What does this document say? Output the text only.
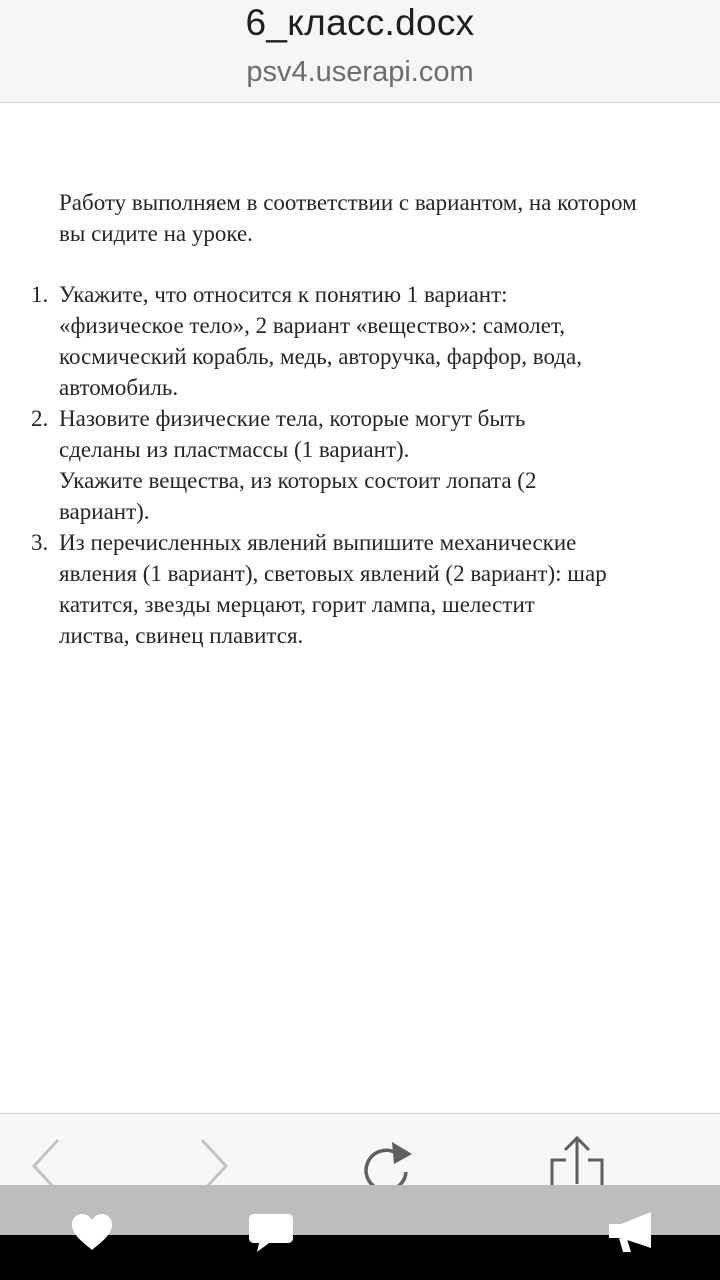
6_класс.docx
psv4.userapi.com
Работу выполняем в соответствии с вариантом, на котором вы сидите на уроке.
1. Укажите, что относится к понятию 1 вариант:
«физическое тело», 2 вариант «вещество»: самолет,
космический корабль, медь, авторучка, фарфор, вода,
автомобиль.
2. Назовите физические тела, которые могут быть
сделаны из пластмассы (1 вариант).
Укажите вещества, из которых состоит лопата (2
вариант).
3. Из перечисленных явлений выпишите механические
явления (1 вариант), световых явлений (2 вариант): шар
катится, звезды мерцают, горит лампа, шелестит
листва, свинец плавится.
